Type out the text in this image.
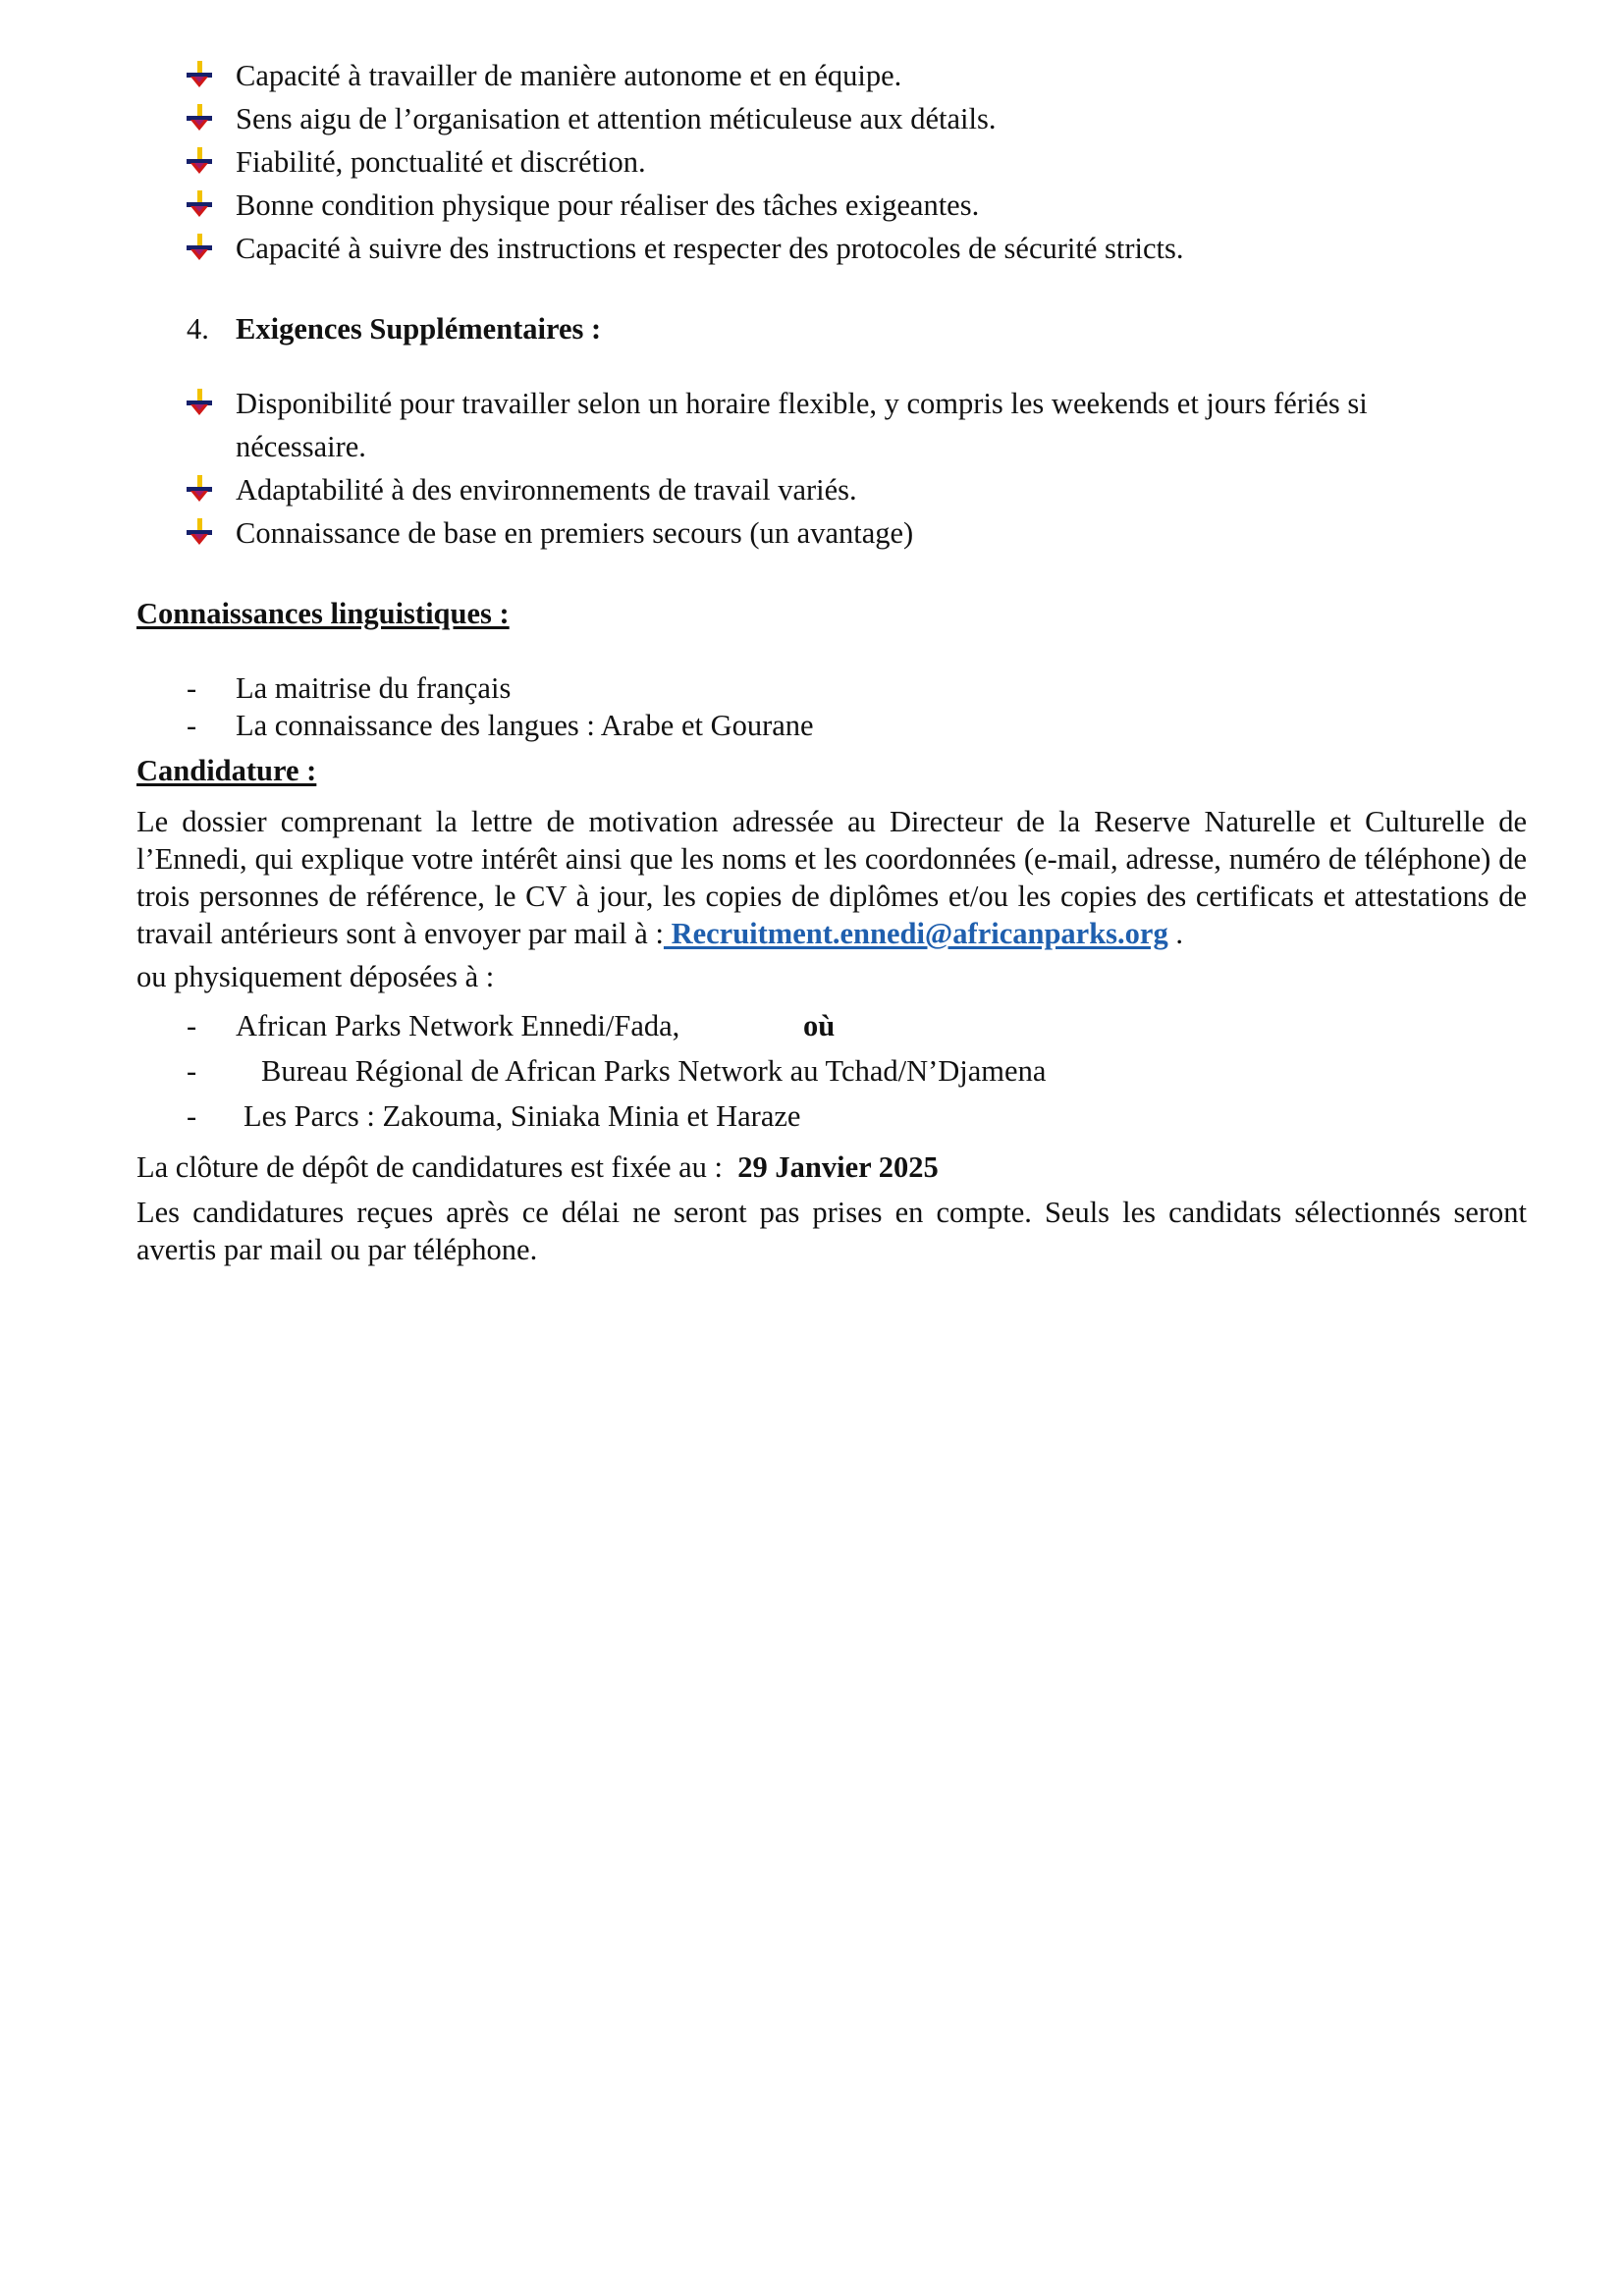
Capacité à travailler de manière autonome et en équipe.
Sens aigu de l’organisation et attention méticuleuse aux détails.
Fiabilité, ponctualité et discrétion.
Bonne condition physique pour réaliser des tâches exigeantes.
Capacité à suivre des instructions et respecter des protocoles de sécurité stricts.
4. Exigences Supplémentaires :
Disponibilité pour travailler selon un horaire flexible, y compris les weekends et jours fériés si
nécessaire.
Adaptabilité à des environnements de travail variés.
Connaissance de base en premiers secours (un avantage)
Connaissances linguistiques :
- La maitrise du français
- La connaissance des langues : Arabe et Gourane
Candidature :
Le dossier comprenant la lettre de motivation adressée au Directeur de la Reserve Naturelle et Culturelle de l’Ennedi, qui explique votre intérêt ainsi que les noms et les coordonnées (e-mail, adresse, numéro de téléphone) de trois personnes de référence, le CV à jour, les copies de diplômes et/ou les copies des certificats et attestations de travail antérieurs sont à envoyer par mail à : Recruitment.ennedi@africanparks.org .
ou physiquement déposées à :
- African Parks Network Ennedi/Fada,	où
- Bureau Régional de African Parks Network au Tchad/N’Djamena
- Les Parcs : Zakouma, Siniaka Minia et Haraze
La clôture de dépôt de candidatures est fixée au : 29 Janvier 2025
Les candidatures reçues après ce délai ne seront pas prises en compte. Seuls les candidats sélectionnés seront avertis par mail ou par téléphone.
